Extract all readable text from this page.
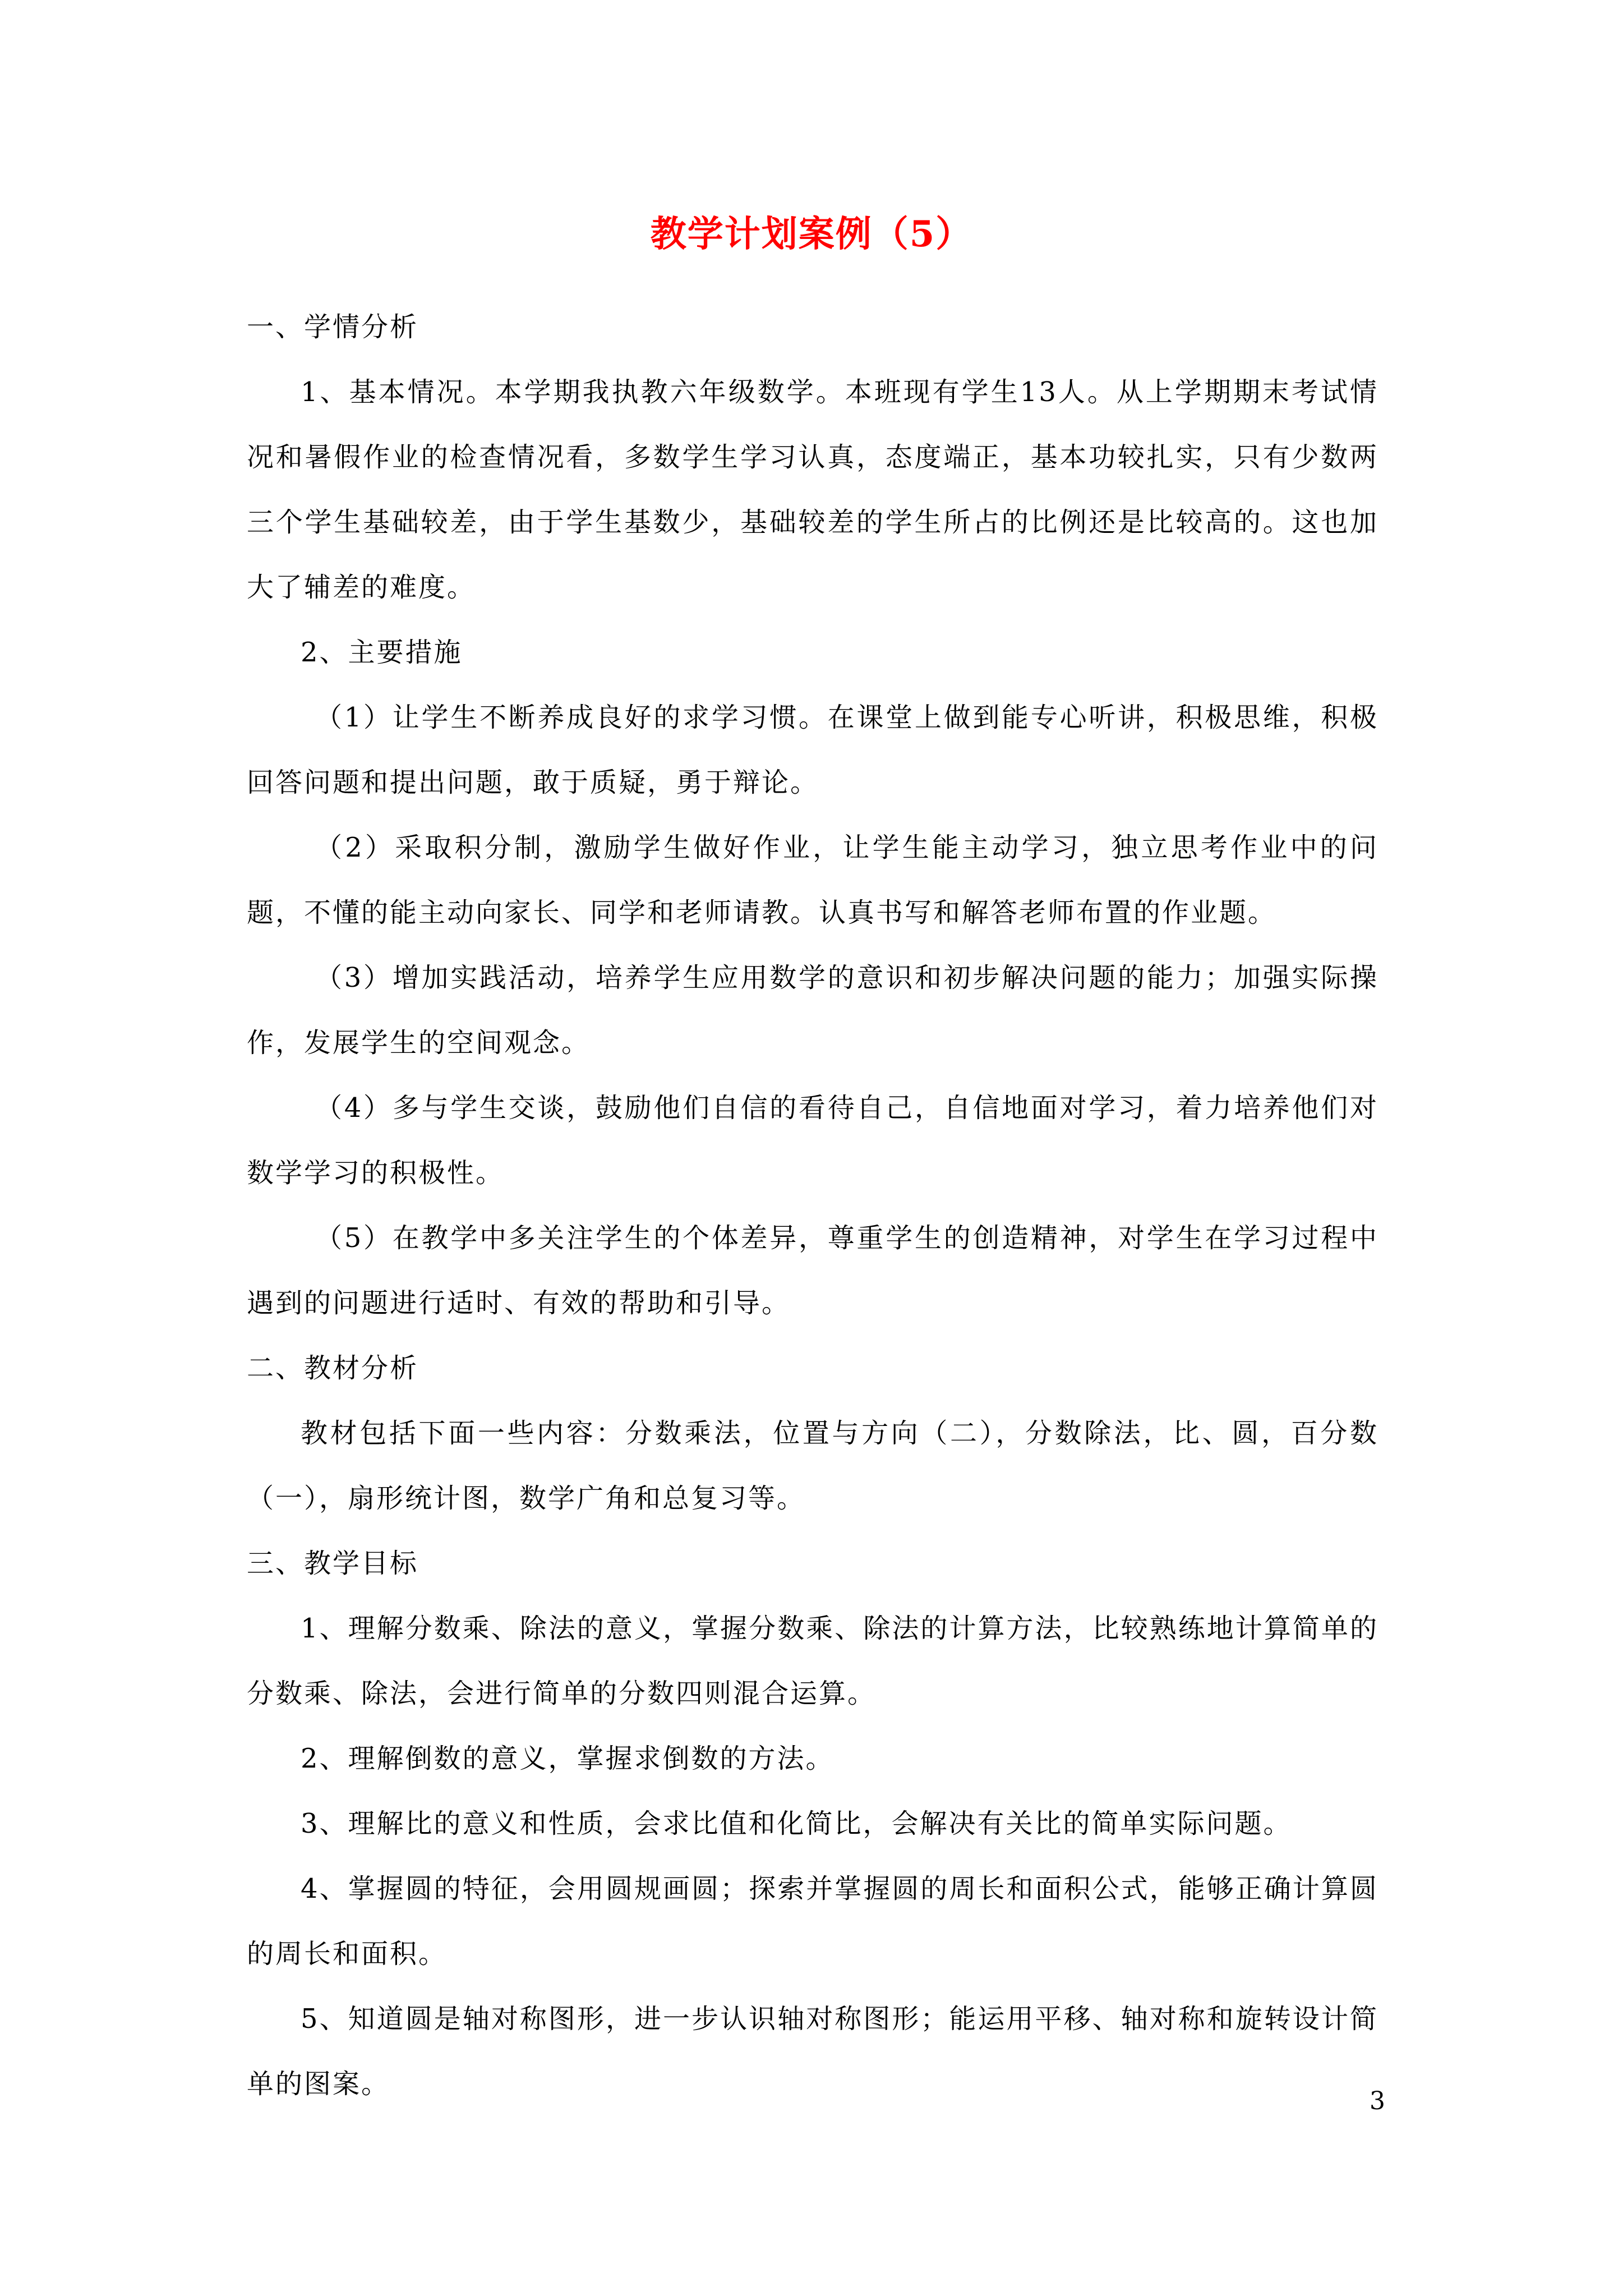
教学计划案例（5）

一、学情分析

1、基本情况。本学期我执教六年级数学。本班现有学生13人。从上学期期末考试情况和暑假作业的检查情况看，多数学生学习认真，态度端正，基本功较扎实，只有少数两三个学生基础较差，由于学生基数少，基础较差的学生所占的比例还是比较高的。这也加大了辅差的难度。

2、主要措施

（1）让学生不断养成良好的求学习惯。在课堂上做到能专心听讲，积极思维，积极回答问题和提出问题，敢于质疑，勇于辩论。

（2）采取积分制，激励学生做好作业，让学生能主动学习，独立思考作业中的问题，不懂的能主动向家长、同学和老师请教。认真书写和解答老师布置的作业题。

（3）增加实践活动，培养学生应用数学的意识和初步解决问题的能力；加强实际操作，发展学生的空间观念。

（4）多与学生交谈，鼓励他们自信的看待自己，自信地面对学习，着力培养他们对数学学习的积极性。

（5）在教学中多关注学生的个体差异，尊重学生的创造精神，对学生在学习过程中遇到的问题进行适时、有效的帮助和引导。

二、教材分析

教材包括下面一些内容：分数乘法，位置与方向（二），分数除法，比、圆，百分数（一），扇形统计图，数学广角和总复习等。

三、教学目标

1、理解分数乘、除法的意义，掌握分数乘、除法的计算方法，比较熟练地计算简单的分数乘、除法，会进行简单的分数四则混合运算。

2、理解倒数的意义，掌握求倒数的方法。

3、理解比的意义和性质，会求比值和化简比，会解决有关比的简单实际问题。

4、掌握圆的特征，会用圆规画圆；探索并掌握圆的周长和面积公式，能够正确计算圆的周长和面积。

5、知道圆是轴对称图形，进一步认识轴对称图形；能运用平移、轴对称和旋转设计简单的图案。

3
